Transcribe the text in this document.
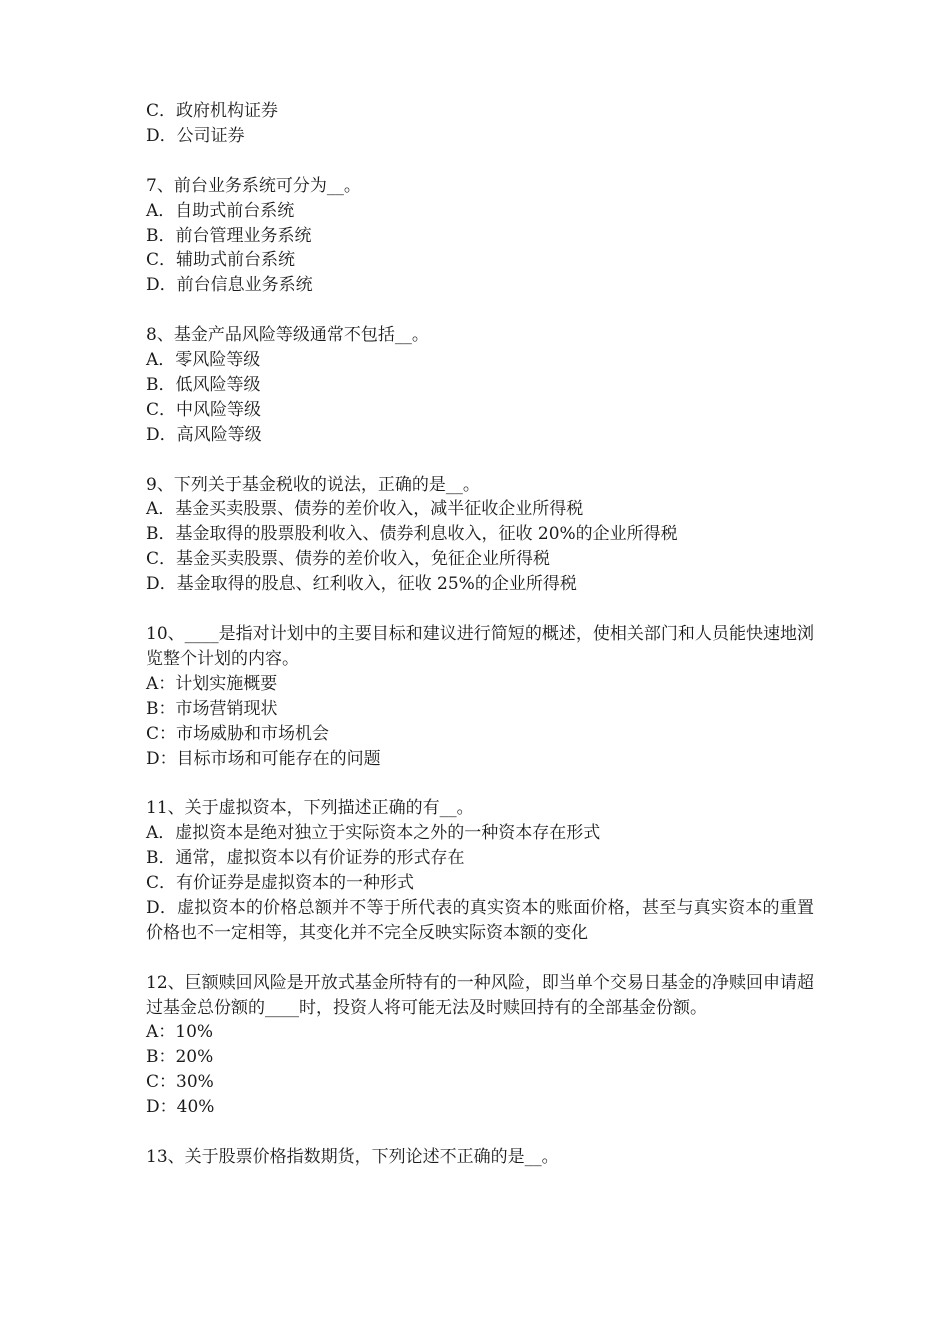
C．政府机构证券
D．公司证券
7、前台业务系统可分为__。
A．自助式前台系统
B．前台管理业务系统
C．辅助式前台系统
D．前台信息业务系统
8、基金产品风险等级通常不包括__。
A．零风险等级
B．低风险等级
C．中风险等级
D．高风险等级
9、下列关于基金税收的说法，正确的是__。
A．基金买卖股票、债券的差价收入，减半征收企业所得税
B．基金取得的股票股利收入、债券利息收入，征收 20%的企业所得税
C．基金买卖股票、债券的差价收入，免征企业所得税
D．基金取得的股息、红利收入，征收 25%的企业所得税
10、____是指对计划中的主要目标和建议进行简短的概述，使相关部门和人员能快速地浏览整个计划的内容。
A：计划实施概要
B：市场营销现状
C：市场威胁和市场机会
D：目标市场和可能存在的问题
11、关于虚拟资本，下列描述正确的有__。
A．虚拟资本是绝对独立于实际资本之外的一种资本存在形式
B．通常，虚拟资本以有价证券的形式存在
C．有价证券是虚拟资本的一种形式
D．虚拟资本的价格总额并不等于所代表的真实资本的账面价格，甚至与真实资本的重置价格也不一定相等，其变化并不完全反映实际资本额的变化
12、巨额赎回风险是开放式基金所特有的一种风险，即当单个交易日基金的净赎回申请超过基金总份额的____时，投资人将可能无法及时赎回持有的全部基金份额。
A：10%
B：20%
C：30%
D：40%
13、关于股票价格指数期货，下列论述不正确的是__。
